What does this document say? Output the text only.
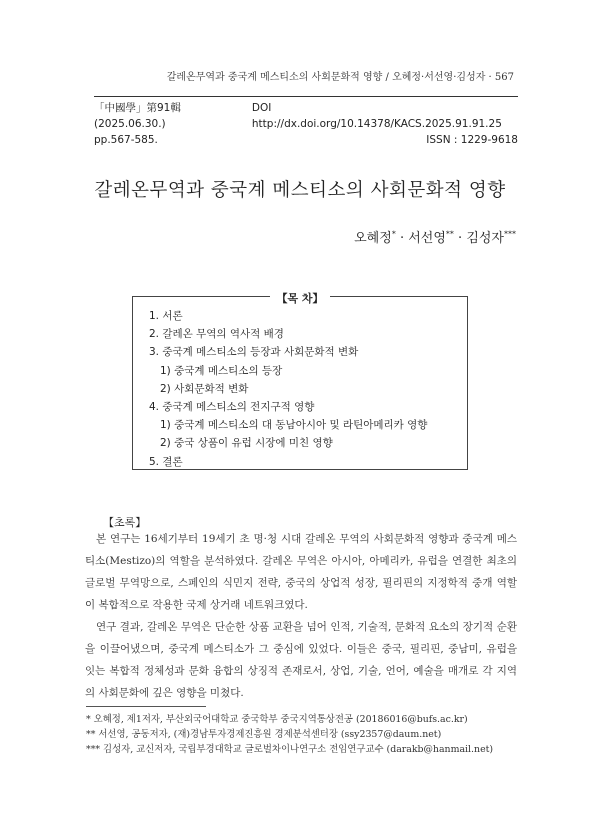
갈레온무역과 중국계 메스티소의 사회문화적 영향 / 오혜정·서선영·김성자 · 567
「中國學」第91輯 (2025.06.30.)
DOI http://dx.doi.org/10.14378/KACS.2025.91.91.25
pp.567-585.	ISSN : 1229-9618
갈레온무역과 중국계 메스티소의 사회문화적 영향
오혜정* · 서선영** · 김성자***
【목 차】
1. 서론
2. 갈레온 무역의 역사적 배경
3. 중국계 메스티소의 등장과 사회문화적 변화
1) 중국계 메스티소의 등장
2) 사회문화적 변화
4. 중국계 메스티소의 전지구적 영향
1) 중국계 메스티소의 대 동남아시아 및 라틴아메리카 영향
2) 중국 상품이 유럽 시장에 미친 영향
5. 결론
【초록】

본 연구는 16세기부터 19세기 초 명·청 시대 갈레온 무역의 사회문화적 영향과 중국계 메스티소(Mestizo)의 역할을 분석하였다. 갈레온 무역은 아시아, 아메리카, 유럽을 연결한 최초의 글로벌 무역망으로, 스페인의 식민지 전략, 중국의 상업적 성장, 필리핀의 지정학적 중개 역할이 복합적으로 작용한 국제 상거래 네트워크였다.

연구 결과, 갈레온 무역은 단순한 상품 교환을 넘어 인적, 기술적, 문화적 요소의 장기적 순환을 이끌어냈으며, 중국계 메스티소가 그 중심에 있었다. 이들은 중국, 필리핀, 중남미, 유럽을 잇는 복합적 정체성과 문화 융합의 상징적 존재로서, 상업, 기술, 언어, 예술을 매개로 각 지역의 사회문화에 깊은 영향을 미쳤다.

* 오혜정, 제1저자, 부산외국어대학교 중국학부 중국지역통상전공 (20186016@bufs.ac.kr)
** 서선영, 공동저자, (재)경남투자경제진흥원 경제분석센터장 (ssy2357@daum.net)
*** 김성자, 교신저자, 국립부경대학교 글로벌차이나연구소 전임연구교수 (darakb@hanmail.net)
